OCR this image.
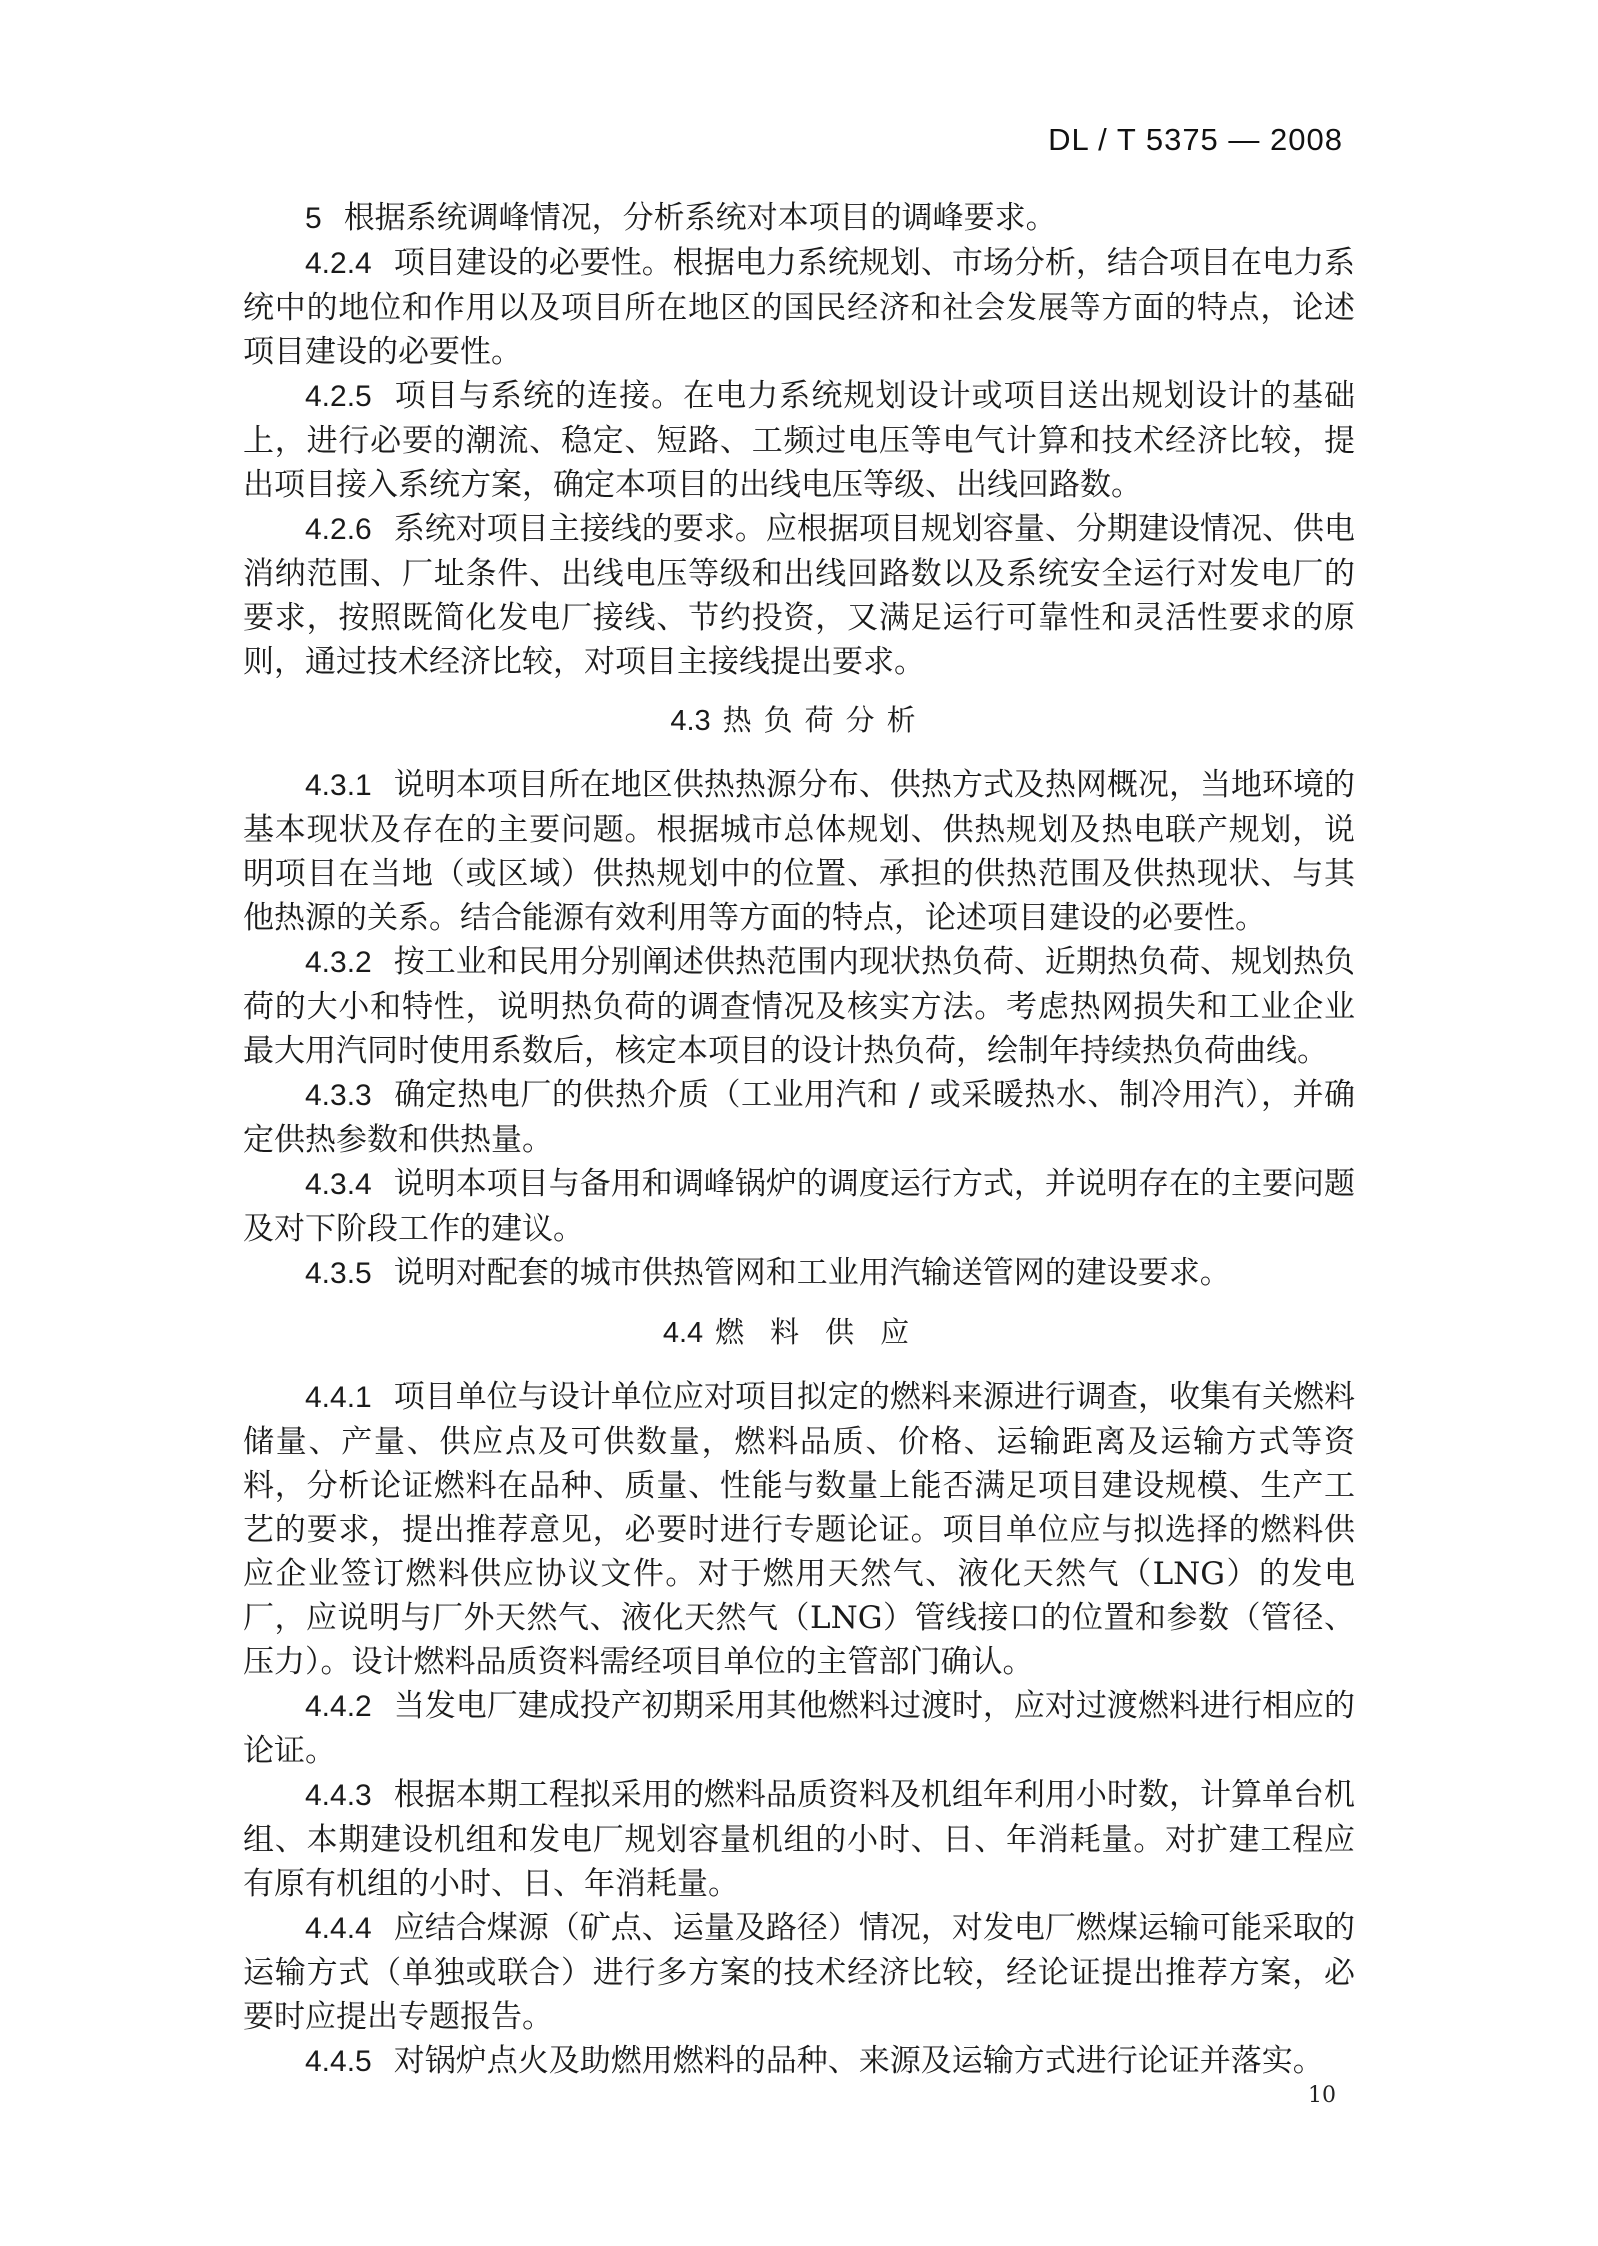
DL / T 5375 — 2008

5 根据系统调峰情况，分析系统对本项目的调峰要求。

4.2.4 项目建设的必要性。根据电力系统规划、市场分析，结合项目在电力系统中的地位和作用以及项目所在地区的国民经济和社会发展等方面的特点，论述项目建设的必要性。

4.2.5 项目与系统的连接。在电力系统规划设计或项目送出规划设计的基础上，进行必要的潮流、稳定、短路、工频过电压等电气计算和技术经济比较，提出项目接入系统方案，确定本项目的出线电压等级、出线回路数。

4.2.6 系统对项目主接线的要求。应根据项目规划容量、分期建设情况、供电消纳范围、厂址条件、出线电压等级和出线回路数以及系统安全运行对发电厂的要求，按照既简化发电厂接线、节约投资，又满足运行可靠性和灵活性要求的原则，通过技术经济比较，对项目主接线提出要求。

4.3 热负荷分析

4.3.1 说明本项目所在地区供热热源分布、供热方式及热网概况，当地环境的基本现状及存在的主要问题。根据城市总体规划、供热规划及热电联产规划，说明项目在当地（或区域）供热规划中的位置、承担的供热范围及供热现状、与其他热源的关系。结合能源有效利用等方面的特点，论述项目建设的必要性。

4.3.2 按工业和民用分别阐述供热范围内现状热负荷、近期热负荷、规划热负荷的大小和特性，说明热负荷的调查情况及核实方法。考虑热网损失和工业企业最大用汽同时使用系数后，核定本项目的设计热负荷，绘制年持续热负荷曲线。

4.3.3 确定热电厂的供热介质（工业用汽和 / 或采暖热水、制冷用汽），并确定供热参数和供热量。

4.3.4 说明本项目与备用和调峰锅炉的调度运行方式，并说明存在的主要问题及对下阶段工作的建议。

4.3.5 说明对配套的城市供热管网和工业用汽输送管网的建设要求。

4.4 燃料供应

4.4.1 项目单位与设计单位应对项目拟定的燃料来源进行调查，收集有关燃料储量、产量、供应点及可供数量，燃料品质、价格、运输距离及运输方式等资料，分析论证燃料在品种、质量、性能与数量上能否满足项目建设规模、生产工艺的要求，提出推荐意见，必要时进行专题论证。项目单位应与拟选择的燃料供应企业签订燃料供应协议文件。对于燃用天然气、液化天然气（LNG）的发电厂，应说明与厂外天然气、液化天然气（LNG）管线接口的位置和参数（管径、压力）。设计燃料品质资料需经项目单位的主管部门确认。

4.4.2 当发电厂建成投产初期采用其他燃料过渡时，应对过渡燃料进行相应的论证。

4.4.3 根据本期工程拟采用的燃料品质资料及机组年利用小时数，计算单台机组、本期建设机组和发电厂规划容量机组的小时、日、年消耗量。对扩建工程应有原有机组的小时、日、年消耗量。

4.4.4 应结合煤源（矿点、运量及路径）情况，对发电厂燃煤运输可能采取的运输方式（单独或联合）进行多方案的技术经济比较，经论证提出推荐方案，必要时应提出专题报告。

4.4.5 对锅炉点火及助燃用燃料的品种、来源及运输方式进行论证并落实。

10
